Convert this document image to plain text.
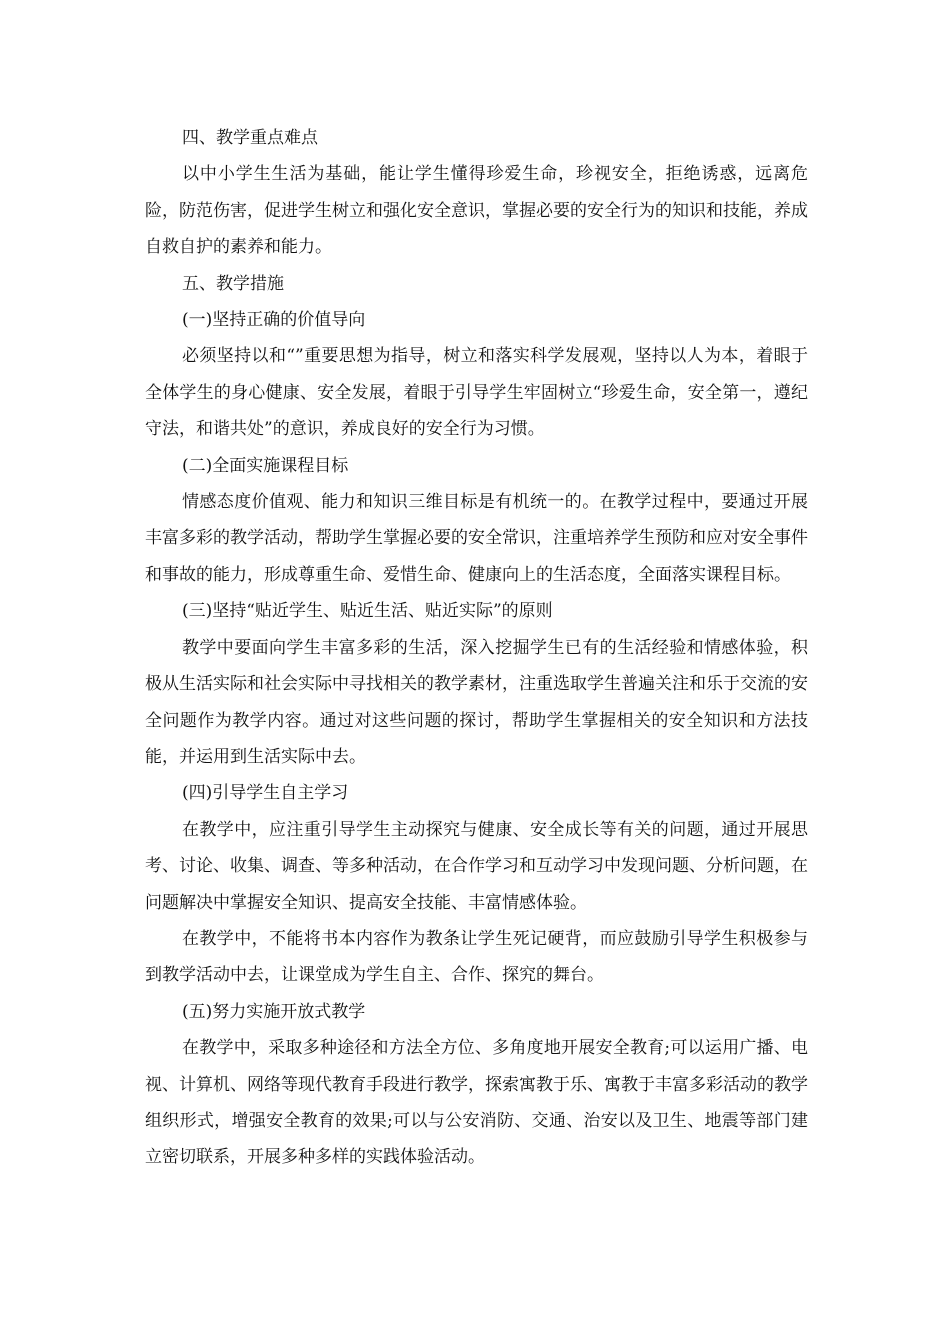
四、教学重点难点

以中小学生生活为基础，能让学生懂得珍爱生命，珍视安全，拒绝诱惑，远离危险，防范伤害，促进学生树立和强化安全意识，掌握必要的安全行为的知识和技能，养成自救自护的素养和能力。

五、教学措施

(一)坚持正确的价值导向

必须坚持以和“”重要思想为指导，树立和落实科学发展观，坚持以人为本，着眼于全体学生的身心健康、安全发展，着眼于引导学生牢固树立“珍爱生命，安全第一，遵纪守法，和谐共处”的意识，养成良好的安全行为习惯。

(二)全面实施课程目标

情感态度价值观、能力和知识三维目标是有机统一的。在教学过程中，要通过开展丰富多彩的教学活动，帮助学生掌握必要的安全常识，注重培养学生预防和应对安全事件和事故的能力，形成尊重生命、爱惜生命、健康向上的生活态度，全面落实课程目标。

(三)坚持“贴近学生、贴近生活、贴近实际”的原则

教学中要面向学生丰富多彩的生活，深入挖掘学生已有的生活经验和情感体验，积极从生活实际和社会实际中寻找相关的教学素材，注重选取学生普遍关注和乐于交流的安全问题作为教学内容。通过对这些问题的探讨，帮助学生掌握相关的安全知识和方法技能，并运用到生活实际中去。

(四)引导学生自主学习

在教学中，应注重引导学生主动探究与健康、安全成长等有关的问题，通过开展思考、讨论、收集、调查、等多种活动，在合作学习和互动学习中发现问题、分析问题，在问题解决中掌握安全知识、提高安全技能、丰富情感体验。

在教学中，不能将书本内容作为教条让学生死记硬背，而应鼓励引导学生积极参与到教学活动中去，让课堂成为学生自主、合作、探究的舞台。

(五)努力实施开放式教学

在教学中，采取多种途径和方法全方位、多角度地开展安全教育;可以运用广播、电视、计算机、网络等现代教育手段进行教学，探索寓教于乐、寓教于丰富多彩活动的教学组织形式，增强安全教育的效果;可以与公安消防、交通、治安以及卫生、地震等部门建立密切联系，开展多种多样的实践体验活动。
